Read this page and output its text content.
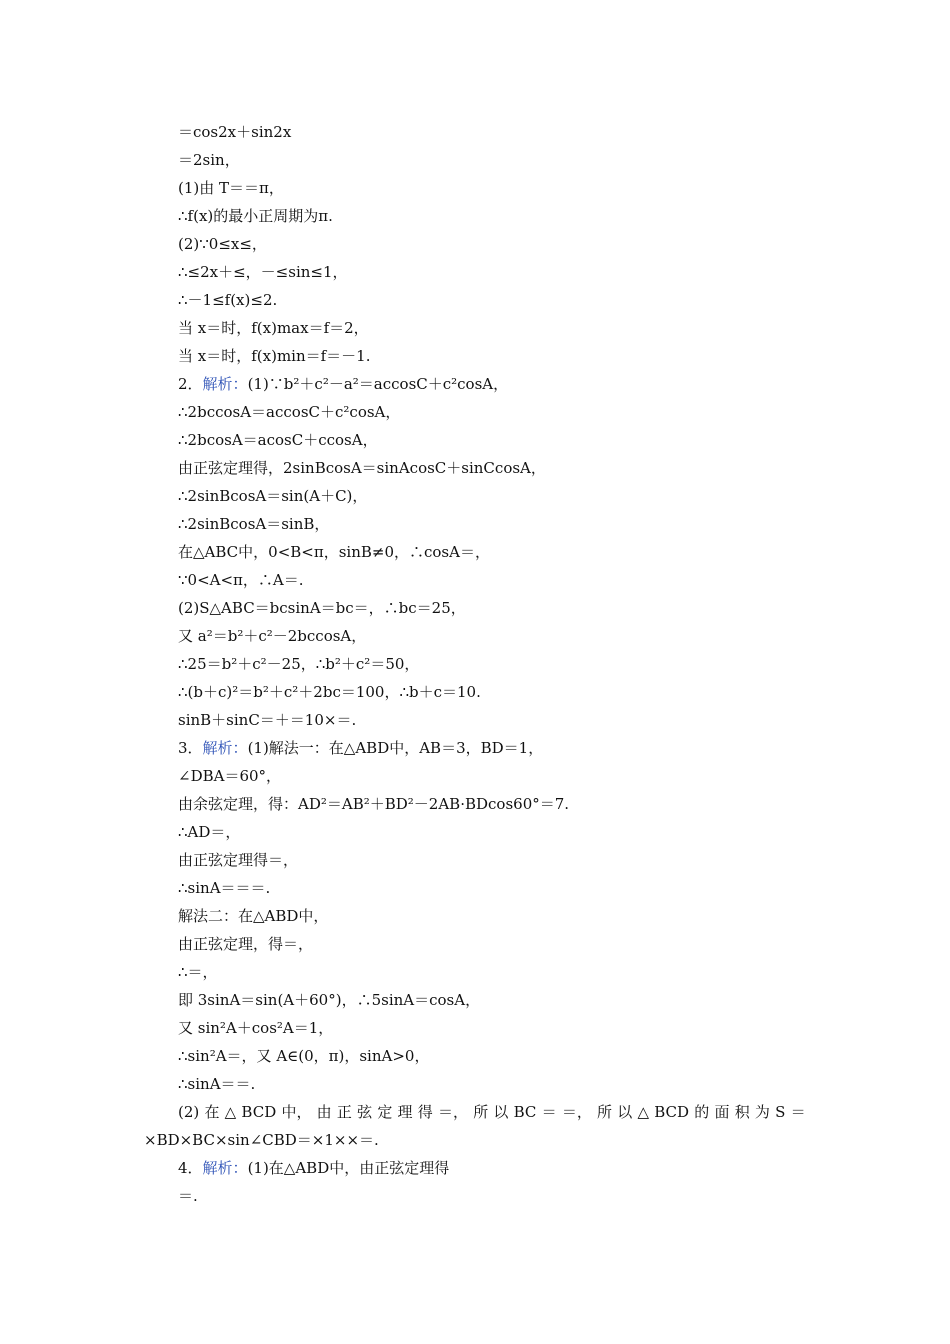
＝cos2x＋sin2x
＝2sin，
(1)由 T＝＝π，
∴f(x)的最小正周期为π.
(2)∵0≤x≤，
∴≤2x＋≤，－≤sin≤1，
∴－1≤f(x)≤2.
当 x＝时，f(x)max＝f＝2，
当 x＝时，f(x)min＝f＝－1.
2．解析：(1)∵b²＋c²－a²＝accosC＋c²cosA，
∴2bccosA＝accosC＋c²cosA，
∴2bcosA＝acosC＋ccosA，
由正弦定理得，2sinBcosA＝sinAcosC＋sinCcosA，
∴2sinBcosA＝sin(A＋C)，
∴2sinBcosA＝sinB，
在△ABC中，0<B<π，sinB≠0，∴cosA＝，
∵0<A<π，∴A＝.
(2)S△ABC＝bcsinA＝bc＝，∴bc＝25，
又 a²＝b²＋c²－2bccosA，
∴25＝b²＋c²－25，∴b²＋c²＝50，
∴(b＋c)²＝b²＋c²＋2bc＝100，∴b＋c＝10.
sinB＋sinC＝＋＝10×＝.
3．解析：(1)解法一：在△ABD中，AB＝3，BD＝1，
∠DBA＝60°，
由余弦定理，得：AD²＝AB²＋BD²－2AB·BDcos60°＝7.
∴AD＝，
由正弦定理得＝，
∴sinA＝＝＝.
解法二：在△ABD中，
由正弦定理，得＝，
∴＝，
即 3sinA＝sin(A＋60°)，∴5sinA＝cosA，
又 sin²A＋cos²A＝1，
∴sin²A＝，又 A∈(0，π)，sinA>0，
∴sinA＝＝.
(2) 在 △ BCD 中， 由 正 弦 定 理 得 ＝， 所 以 BC ＝ ＝， 所 以 △ BCD 的 面 积 为 S ＝
×BD×BC×sin∠CBD＝×1××＝.
4．解析：(1)在△ABD中，由正弦定理得
＝.
